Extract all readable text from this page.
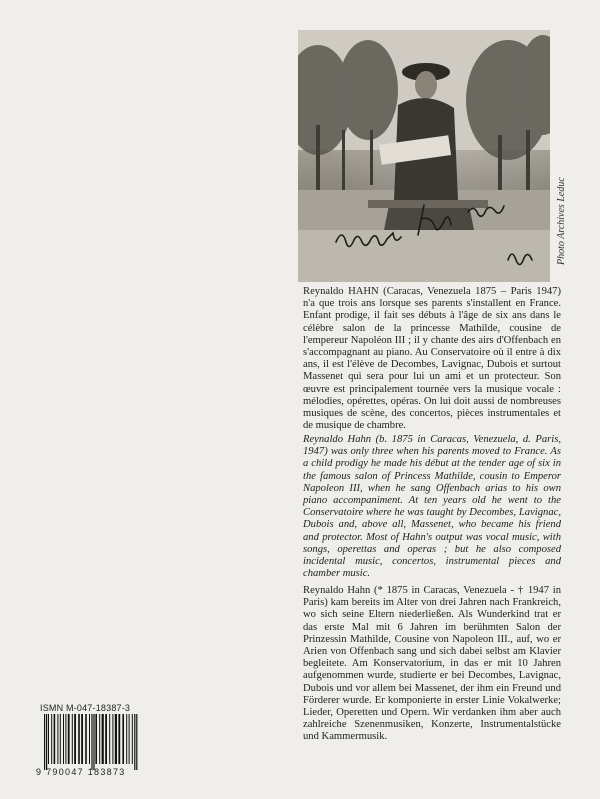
Photo Archives Leduc
Reynaldo HAHN (Caracas, Venezuela 1875 – Paris 1947) n'a que trois ans lorsque ses parents s'installent en France. Enfant prodige, il fait ses débuts à l'âge de six ans dans le célèbre salon de la princesse Mathilde, cousine de l'empereur Napoléon III ; il y chante des airs d'Offenbach en s'accompagnant au piano. Au Conservatoire où il entre à dix ans, il est l'élève de Decombes, Lavignac, Dubois et surtout Massenet qui sera pour lui un ami et un protecteur. Son œuvre est principalement tournée vers la musique vocale : mélodies, opérettes, opéras. On lui doit aussi de nombreuses musiques de scène, des concertos, pièces instrumentales et de musique de chambre.
Reynaldo Hahn (b. 1875 in Caracas, Venezuela, d. Paris, 1947) was only three when his parents moved to France. As a child prodigy he made his début at the tender age of six in the famous salon of Princess Mathilde, cousin to Emperor Napoleon III, when he sang Offenbach arias to his own piano accompaniment. At ten years old he went to the Conservatoire where he was taught by Decombes, Lavignac, Dubois and, above all, Massenet, who became his friend and protector. Most of Hahn's output was vocal music, with songs, operettas and operas ; but he also composed incidental music, concertos, instrumental pieces and chamber music.
Reynaldo Hahn (* 1875 in Caracas, Venezuela - † 1947 in Paris) kam bereits im Alter von drei Jahren nach Frankreich, wo sich seine Eltern niederließen. Als Wunderkind trat er das erste Mal mit 6 Jahren im berühmten Salon der Prinzessin Mathilde, Cousine von Napoleon III., auf, wo er Arien von Offenbach sang und sich dabei selbst am Klavier begleitete. Am Konservatorium, in das er mit 10 Jahren aufgenommen wurde, studierte er bei Decombes, Lavignac, Dubois und vor allem bei Massenet, der ihm ein Freund und Förderer wurde. Er komponierte in erster Linie Vokalwerke; Lieder, Operetten und Opern. Wir verdanken ihm aber auch zahlreiche Szenenmusiken, Konzerte, Instrumentalstücke und Kammermusik.
ISMN M-047-18387-3
9 790047 183873
